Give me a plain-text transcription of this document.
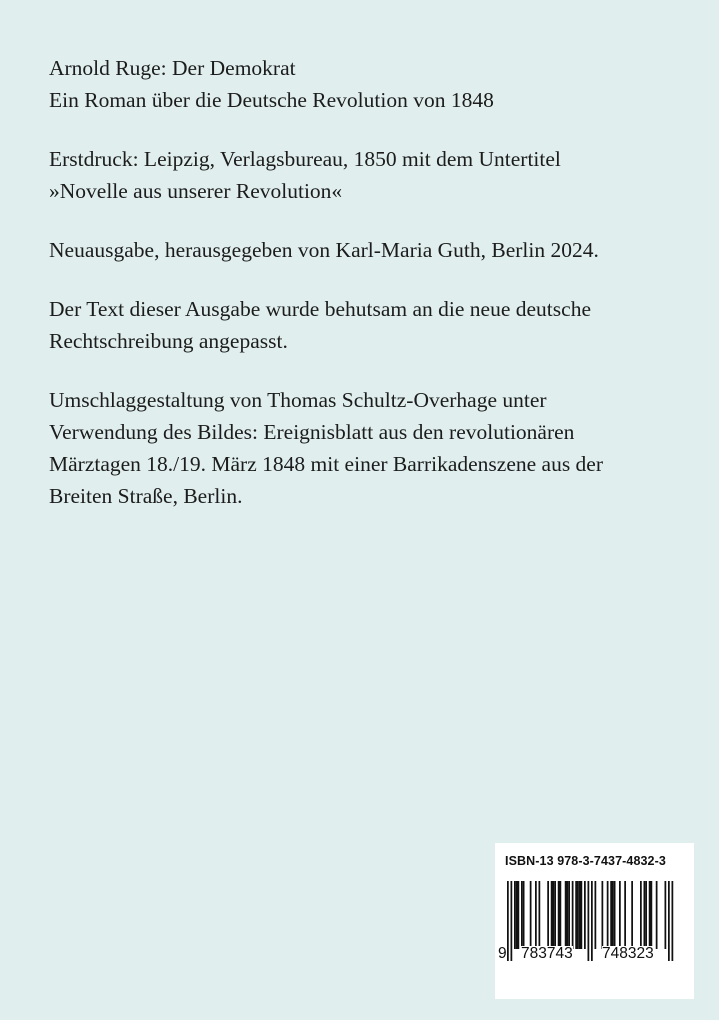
Arnold Ruge: Der Demokrat
Ein Roman über die Deutsche Revolution von 1848

Erstdruck: Leipzig, Verlagsbureau, 1850 mit dem Untertitel
»Novelle aus unserer Revolution«

Neuausgabe, herausgegeben von Karl-Maria Guth, Berlin 2024.

Der Text dieser Ausgabe wurde behutsam an die neue deutsche
Rechtschreibung angepasst.

Umschlaggestaltung von Thomas Schultz-Overhage unter
Verwendung des Bildes: Ereignisblatt aus den revolutionären
Märztagen 18./19. März 1848 mit einer Barrikadenszene aus der
Breiten Straße, Berlin.

ISBN-13 978-3-7437-4832-3
9 783743 748323
